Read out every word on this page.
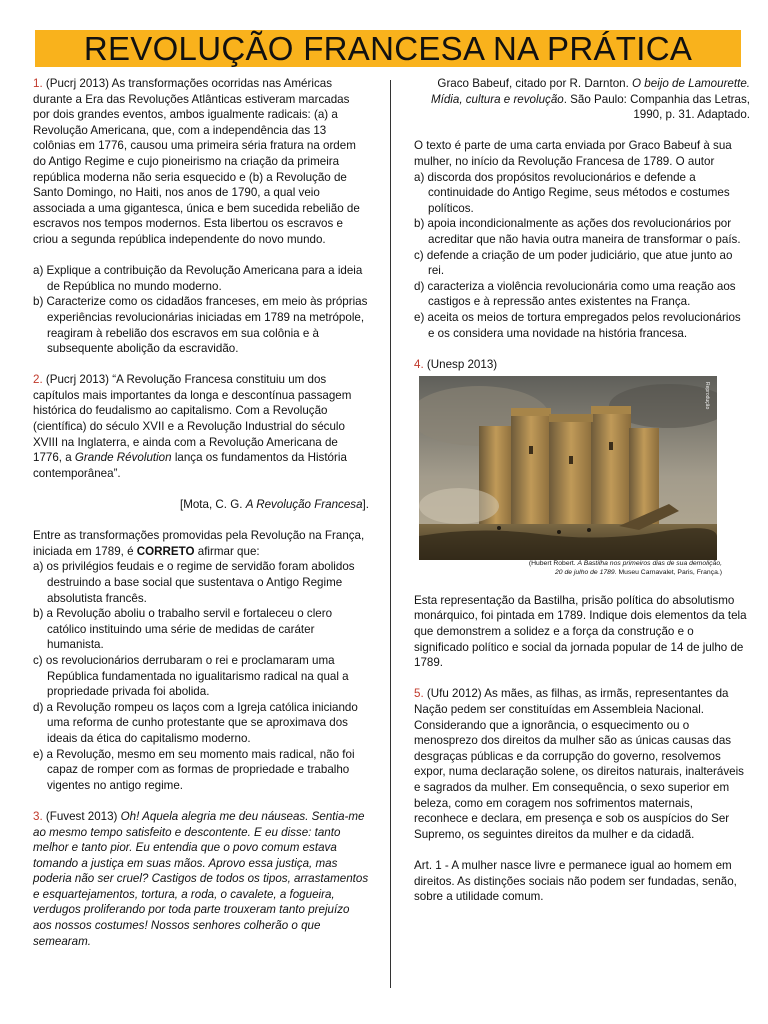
REVOLUÇÃO FRANCESA NA PRÁTICA

1. (Pucrj 2013) As transformações ocorridas nas Américas durante a Era das Revoluções Atlânticas estiveram marcadas por dois grandes eventos, ambos igualmente radicais: (a) a Revolução Americana, que, com a independência das 13 colônias em 1776, causou uma primeira séria fratura na ordem do Antigo Regime e cujo pioneirismo na criação da primeira república moderna não seria esquecido e (b) a Revolução de Santo Domingo, no Haiti, nos anos de 1790, a qual veio associada a uma gigantesca, única e bem sucedida rebelião de escravos nos tempos modernos. Esta libertou os escravos e criou a segunda república independente do novo mundo.

a) Explique a contribuição da Revolução Americana para a ideia de República no mundo moderno.

b) Caracterize como os cidadãos franceses, em meio às próprias experiências revolucionárias iniciadas em 1789 na metrópole, reagiram à rebelião dos escravos em sua colônia e à subsequente abolição da escravidão.

2. (Pucrj 2013) “A Revolução Francesa constituiu um dos capítulos mais importantes da longa e descontínua passagem histórica do feudalismo ao capitalismo. Com a Revolução (científica) do século XVII e a Revolução Industrial do século XVIII na Inglaterra, e ainda com a Revolução Americana de 1776, a Grande Révolution lança os fundamentos da História contemporânea”.

[Mota, C. G. A Revolução Francesa].

Entre as transformações promovidas pela Revolução na França, iniciada em 1789, é CORRETO afirmar que:

a) os privilégios feudais e o regime de servidão foram abolidos destruindo a base social que sustentava o Antigo Regime absolutista francês.

b) a Revolução aboliu o trabalho servil e fortaleceu o clero católico instituindo uma série de medidas de caráter humanista.

c) os revolucionários derrubaram o rei e proclamaram uma República fundamentada no igualitarismo radical na qual a propriedade privada foi abolida.

d) a Revolução rompeu os laços com a Igreja católica iniciando uma reforma de cunho protestante que se aproximava dos ideais da ética do capitalismo moderno.

e) a Revolução, mesmo em seu momento mais radical, não foi capaz de romper com as formas de propriedade e trabalho vigentes no antigo regime.

3. (Fuvest 2013) Oh! Aquela alegria me deu náuseas. Sentia-me ao mesmo tempo satisfeito e descontente. E eu disse: tanto melhor e tanto pior. Eu entendia que o povo comum estava tomando a justiça em suas mãos. Aprovo essa justiça, mas poderia não ser cruel? Castigos de todos os tipos, arrastamentos e esquartejamentos, tortura, a roda, o cavalete, a fogueira, verdugos proliferando por toda parte trouxeram tanto prejuízo aos nossos costumes! Nossos senhores colherão o que semearam.

Graco Babeuf, citado por R. Darnton. O beijo de Lamourette. Mídia, cultura e revolução. São Paulo: Companhia das Letras, 1990, p. 31. Adaptado.

O texto é parte de uma carta enviada por Graco Babeuf à sua mulher, no início da Revolução Francesa de 1789. O autor

a) discorda dos propósitos revolucionários e defende a continuidade do Antigo Regime, seus métodos e costumes políticos.

b) apoia incondicionalmente as ações dos revolucionários por acreditar que não havia outra maneira de transformar o país.

c) defende a criação de um poder judiciário, que atue junto ao rei.

d) caracteriza a violência revolucionária como uma reação aos castigos e à repressão antes existentes na França.

e) aceita os meios de tortura empregados pelos revolucionários e os considera uma novidade na história francesa.

4. (Unesp 2013)

Reprodução

(Hubert Robert. A Bastilha nos primeiros dias de sua demolição,

20 de julho de 1789. Museu Carnavalet, Paris, França.)

Esta representação da Bastilha, prisão política do absolutismo monárquico, foi pintada em 1789. Indique dois elementos da tela que demonstrem a solidez e a força da construção e o significado político e social da jornada popular de 14 de julho de 1789.

5. (Ufu 2012) As mães, as filhas, as irmãs, representantes da Nação pedem ser constituídas em Assembleia Nacional. Considerando que a ignorância, o esquecimento ou o menosprezo dos direitos da mulher são as únicas causas das desgraças públicas e da corrupção do governo, resolvemos expor, numa declaração solene, os direitos naturais, inalteráveis e sagrados da mulher. Em consequência, o sexo superior em beleza, como em coragem nos sofrimentos maternais, reconhece e declara, em presença e sob os auspícios do Ser Supremo, os seguintes direitos da mulher e da cidadã.

Art. 1 - A mulher nasce livre e permanece igual ao homem em direitos. As distinções sociais não podem ser fundadas, senão, sobre a utilidade comum.
